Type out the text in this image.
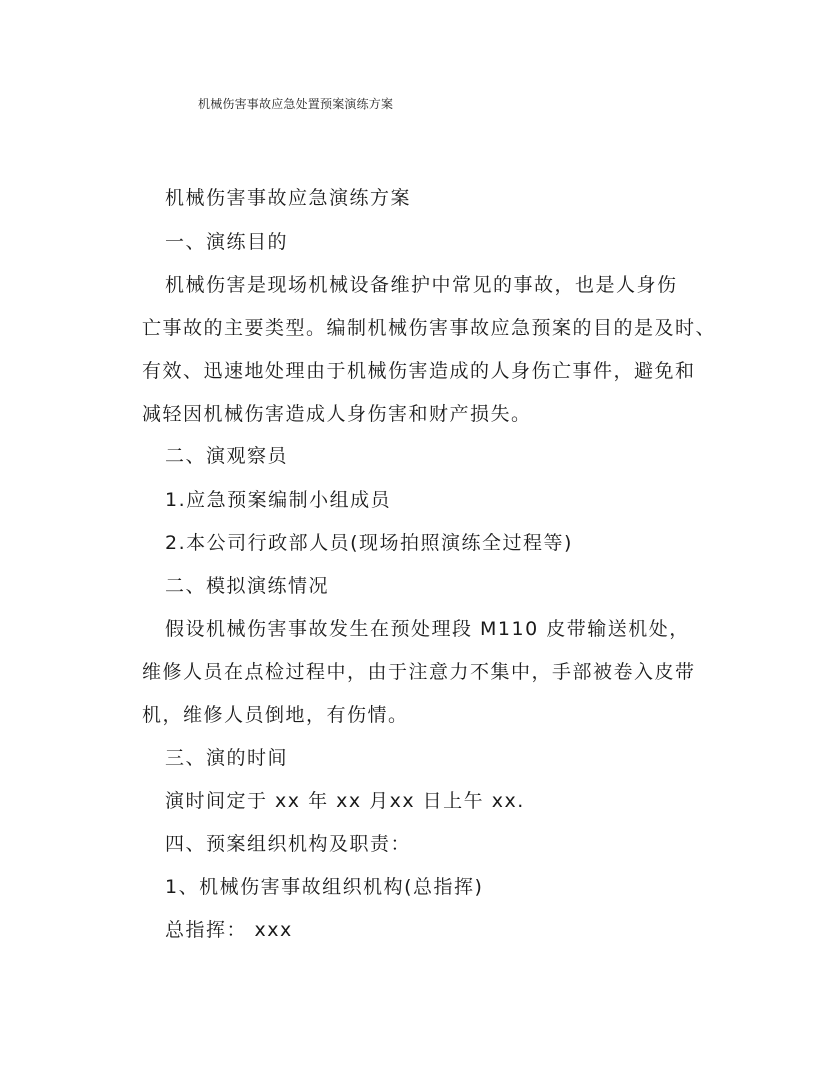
机械伤害事故应急处置预案演练方案
机械伤害事故应急演练方案
一、演练目的
机械伤害是现场机械设备维护中常见的事故，也是人身伤
亡事故的主要类型。编制机械伤害事故应急预案的目的是及时、
有效、迅速地处理由于机械伤害造成的人身伤亡事件，避免和
减轻因机械伤害造成人身伤害和财产损失。
二、演观察员
1.应急预案编制小组成员
2.本公司行政部人员(现场拍照演练全过程等)
二、模拟演练情况
假设机械伤害事故发生在预处理段 M110 皮带输送机处，
维修人员在点检过程中，由于注意力不集中，手部被卷入皮带
机，维修人员倒地，有伤情。
三、演的时间
演时间定于 xx 年 xx 月xx 日上午 xx.
四、预案组织机构及职责：
1、机械伤害事故组织机构(总指挥)
总指挥： xxx
